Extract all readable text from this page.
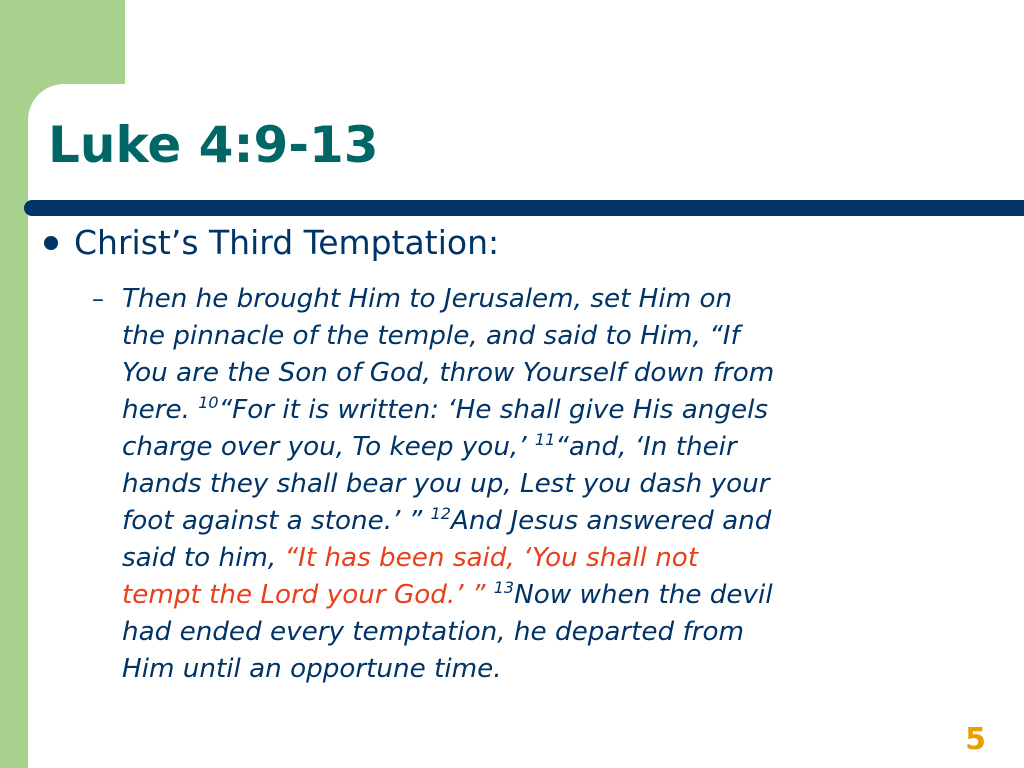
Luke 4:9-13
Christ’s Third Temptation:
– Then he brought Him to Jerusalem, set Him on
the pinnacle of the temple, and said to Him, “If
You are the Son of God, throw Yourself down from
here. $^{10}$“For it is written: ‘He shall give His angels
charge over you, To keep you,’ $^{11}$“and, ‘In their
hands they shall bear you up, Lest you dash your
foot against a stone.’ ” $^{12}$And Jesus answered and
said to him, “It has been said, ‘You shall not
tempt the Lord your God.’ ” $^{13}$Now when the devil
had ended every temptation, he departed from
Him until an opportune time.

5
